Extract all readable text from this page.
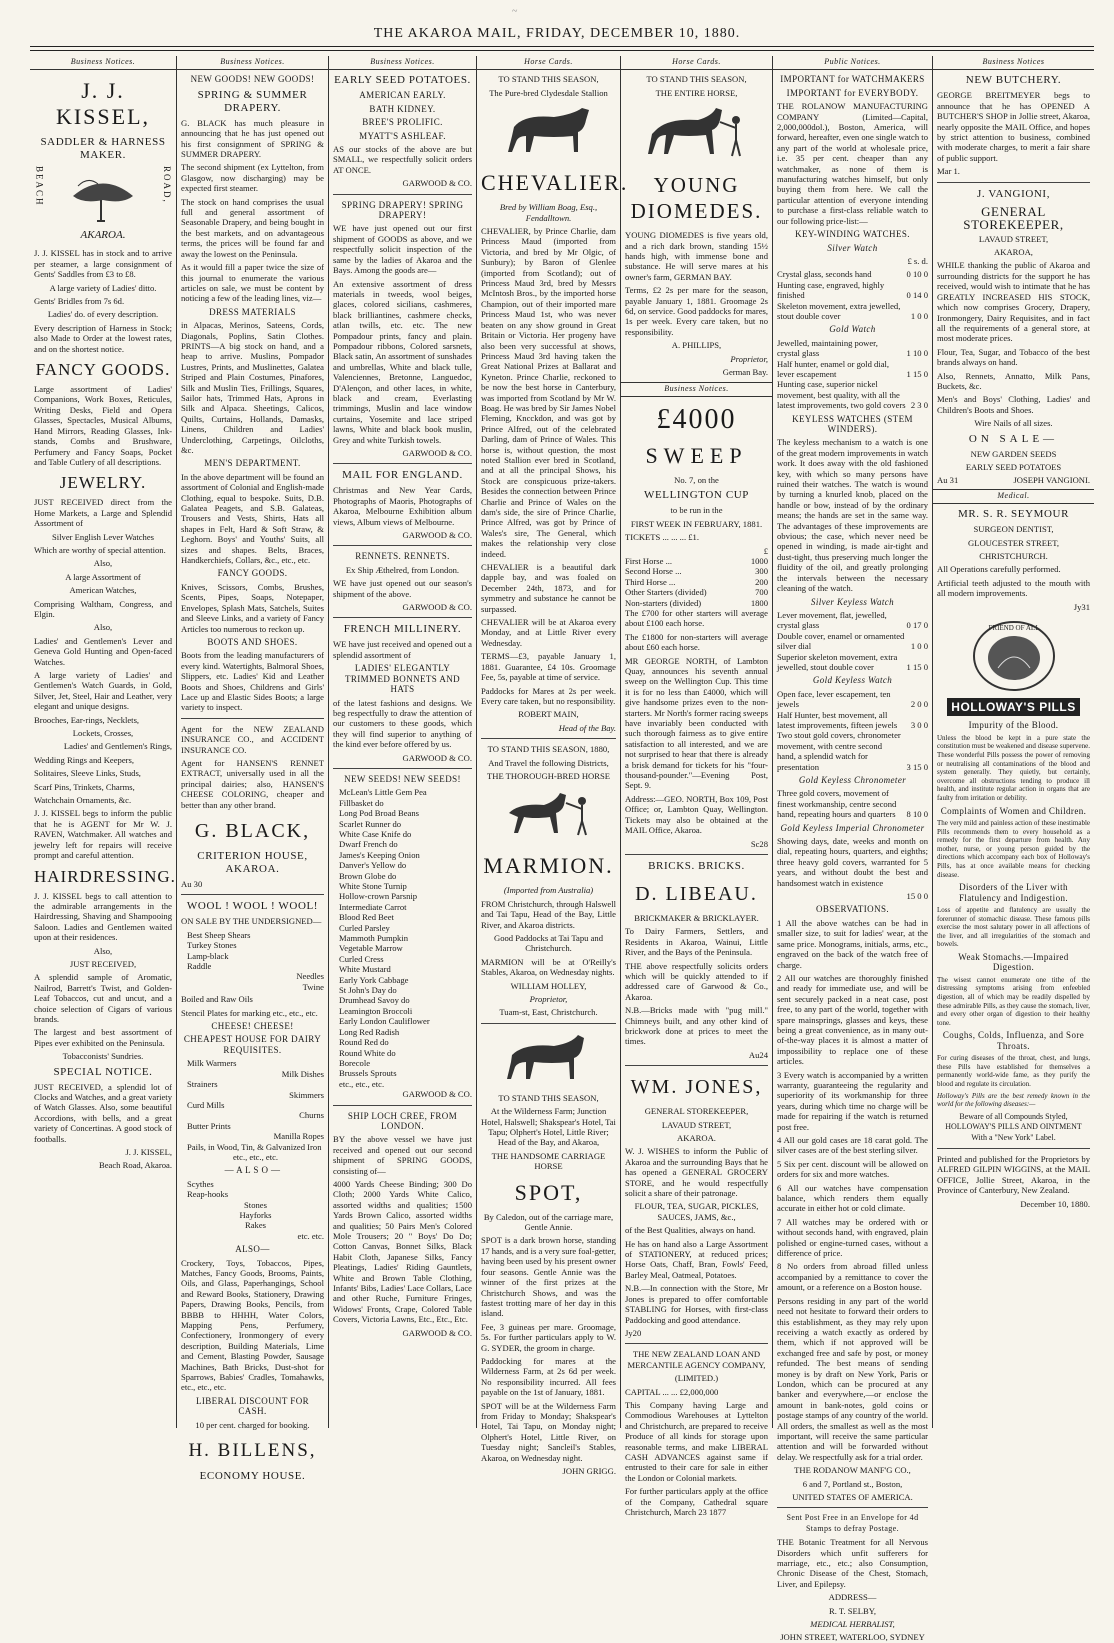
~
THE AKAROA MAIL, FRIDAY, DECEMBER 10, 1880.
Business Notices.
J. J. KISSEL,
SADDLER & HARNESS MAKER.
BEACH	ROAD,
AKAROA.

J. J. KISSEL has in stock and to arrive per steamer, a large consignment of Gents' Saddles from £3 to £8.

A large variety of Ladies' ditto.

Gents' Bridles from 7s 6d.

Ladies' do. of every description.

Every description of Harness in Stock; also Made to Order at the lowest rates, and on the shortest notice.

FANCY GOODS.

Large assortment of Ladies' Companions, Work Boxes, Reticules, Writing Desks, Field and Opera Glasses, Spectacles, Musical Albums, Hand Mirrors, Reading Glasses, Ink-stands, Combs and Brushware, Perfumery and Fancy Soaps, Pocket and Table Cutlery of all descriptions.

JEWELRY.

JUST RECEIVED direct from the Home Markets, a Large and Splendid Assortment of

Silver English Lever Watches

Which are worthy of special attention.

Also,

A large Assortment of

American Watches,

Comprising Waltham, Congress, and Elgin.

Also,

Ladies' and Gentlemen's Lever and Geneva Gold Hunting and Open-faced Watches.

A large variety of Ladies' and Gentlemen's Watch Guards, in Gold, Silver, Jet, Steel, Hair and Leather, very elegant and unique designs.

Brooches, Ear-rings, Necklets,

Lockets, Crosses,

Ladies' and Gentlemen's Rings,

Wedding Rings and Keepers,

Solitaires, Sleeve Links, Studs,

Scarf Pins, Trinkets, Charms,

Watchchain Ornaments, &c.

J. J. KISSEL begs to inform the public that he is AGENT for Mr W. J. RAVEN, Watchmaker. All watches and jewelry left for repairs will receive prompt and careful attention.

HAIRDRESSING.

J. J. KISSEL begs to call attention to the admirable arrangements in the Hairdressing, Shaving and Shampooing Saloon. Ladies and Gentlemen waited upon at their residences.

Also,

JUST RECEIVED,

A splendid sample of Aromatic, Nailrod, Barrett's Twist, and Golden-Leaf Tobaccos, cut and uncut, and a choice selection of Cigars of various brands.

The largest and best assortment of Pipes ever exhibited on the Peninsula.

Tobacconists' Sundries.

SPECIAL NOTICE.

JUST RECEIVED, a splendid lot of Clocks and Watches, and a great variety of Watch Glasses. Also, some beautiful Accordions, with bells, and a great variety of Concertinas. A good stock of footballs.

J. J. KISSEL,

Beach Road, Akaroa.

Business Notices.
NEW GOODS! NEW GOODS!
SPRING & SUMMER DRAPERY.

G. BLACK has much pleasure in announcing that he has just opened out his first consignment of SPRING & SUMMER DRAPERY.

The second shipment (ex Lyttelton, from Glasgow, now discharging) may be expected first steamer.

The stock on hand comprises the usual full and general assortment of Seasonable Drapery, and being bought in the best markets, and on advantageous terms, the prices will be found far and away the lowest on the Peninsula.

As it would fill a paper twice the size of this journal to enumerate the various articles on sale, we must be content by noticing a few of the leading lines, viz—

DRESS MATERIALS

in Alpacas, Merinos, Sateens, Cords, Diagonals, Poplins, Satin Clothes. PRINTS—A big stock on hand, and a heap to arrive. Muslins, Pompador Lustres, Prints, and Muslinettes, Galatea Striped and Plain Costumes, Pinafores, Silk and Muslin Ties, Frillings, Squares, Sailor hats, Trimmed Hats, Aprons in Silk and Alpaca. Sheetings, Calicos, Quilts, Curtains, Hollands, Damasks, Linens, Children and Ladies' Underclothing, Carpetings, Oilcloths, &c.

MEN'S DEPARTMENT.

In the above department will be found an assortment of Colonial and English-made Clothing, equal to bespoke. Suits, D.B. Galatea Peagets, and S.B. Galateas, Trousers and Vests, Shirts, Hats all shapes in Felt, Hard & Soft Straw, & Leghorn. Boys' and Youths' Suits, all sizes and shapes. Belts, Braces, Handkerchiefs, Collars, &c., etc., etc.

FANCY GOODS.

Knives, Scissors, Combs, Brushes, Scents, Pipes, Soaps, Notepaper, Envelopes, Splash Mats, Satchels, Suites and Sleeve Links, and a variety of Fancy Articles too numerous to reckon up.

BOOTS AND SHOES.

Boots from the leading manufacturers of every kind. Watertights, Balmoral Shoes, Slippers, etc. Ladies' Kid and Leather Boots and Shoes, Childrens and Girls' Lace up and Elastic Sides Boots; a large variety to inspect.

Agent for the NEW ZEALAND INSURANCE CO., and ACCIDENT INSURANCE CO.

Agent for HANSEN'S RENNET EXTRACT, universally used in all the principal dairies; also, HANSEN'S CHEESE COLORING, cheaper and better than any other brand.

G. BLACK,
CRITERION HOUSE, AKAROA.

Au 30

WOOL ! WOOL ! WOOL!

ON SALE BY THE UNDERSIGNED—

Best Sheep Shears
Turkey Stones
Lamp-black
Raddle
Needles
Twine

Boiled and Raw Oils

Stencil Plates for marking etc., etc., etc.

CHEESE! CHEESE!
CHEAPEST HOUSE FOR DAIRY REQUISITES.
Milk Warmers
Milk Dishes
Strainers
Skimmers
Curd Mills
Churns
Butter Prints
Manilla Ropes
Pails, in Wood, Tin, & Galvanized Iron
etc., etc., etc.
— A L S O —
Scythes
Reap-hooks
Stones
Hayforks
Rakes
etc. etc.
ALSO—

Crockery, Toys, Tobaccos, Pipes, Matches, Fancy Goods, Brooms, Paints, Oils, and Glass, Paperhangings, School and Reward Books, Stationery, Drawing Papers, Drawing Books, Pencils, from BBBB to HHHH, Water Colors, Mapping Pens, Perfumery, Confectionery, Ironmongery of every description, Building Materials, Lime and Cement, Blasting Powder, Sausage Machines, Bath Bricks, Dust-shot for Sparrows, Babies' Cradles, Tomahawks, etc., etc., etc.

LIBERAL DISCOUNT FOR CASH.

10 per cent. charged for booking.

H. BILLENS,
ECONOMY HOUSE.
Business Notices.
EARLY SEED POTATOES.
AMERICAN EARLY.
BATH KIDNEY.
BREE'S PROLIFIC.
MYATT'S ASHLEAF.

AS our stocks of the above are but SMALL, we respectfully solicit orders AT ONCE.

GARWOOD & CO.

SPRING DRAPERY! SPRING DRAPERY!

WE have just opened out our first shipment of GOODS as above, and we respectfully solicit inspection of the same by the ladies of Akaroa and the Bays. Among the goods are—

An extensive assortment of dress materials in tweeds, wool beiges, glaces, colored sicilians, cashmeres, black brilliantines, cashmere checks, atlan twills, etc. etc. The new Pompadour prints, fancy and plain. Pompadour ribbons, Colored sarsnets, Black satin, An assortment of sunshades and umbrellas, White and black tulle, Valenciennes, Bretonne, Languedoc, D'Alençon, and other laces, in white, black and cream, Everlasting trimmings, Muslin and lace window curtains, Yosemite and lace striped lawns, White and black book muslin, Grey and white Turkish towels.

GARWOOD & CO.

MAIL FOR ENGLAND.

Christmas and New Year Cards, Photographs of Maoris, Photographs of Akaroa, Melbourne Exhibition album views, Album views of Melbourne.

GARWOOD & CO.

RENNETS. RENNETS.

Ex Ship Æthelred, from London.

WE have just opened out our season's shipment of the above.

GARWOOD & CO.

FRENCH MILLINERY.

WE have just received and opened out a splendid assortment of

LADIES' ELEGANTLY TRIMMED BONNETS AND HATS

of the latest fashions and designs. We beg respectfully to draw the attention of our customers to these goods, which they will find superior to anything of the kind ever before offered by us.

GARWOOD & CO.

NEW SEEDS! NEW SEEDS!
McLean's Little Gem Pea
Fillbasket do
Long Pod Broad Beans
Scarlet Runner do
White Case Knife do
Dwarf French do
James's Keeping Onion
Danver's Yellow do
Brown Globe do
White Stone Turnip
Hollow-crown Parsnip
Intermediate Carrot
Blood Red Beet
Curled Parsley
Mammoth Pumpkin
Vegetable Marrow
Curled Cress
White Mustard
Early York Cabbage
St John's Day do
Drumhead Savoy do
Leamington Broccoli
Early London Cauliflower
Long Red Radish
Round Red do
Round White do
Borecole
Brussels Sprouts
etc., etc., etc.

GARWOOD & CO.

SHIP LOCH CREE, FROM LONDON.

BY the above vessel we have just received and opened out our second shipment of SPRING GOODS, consisting of—

4000 Yards Cheese Binding; 300 Do Cloth; 2000 Yards White Calico, assorted widths and qualities; 1500 Yards Brown Calico, assorted widths and qualities; 50 Pairs Men's Colored Mole Trousers; 20 " Boys' Do Do; Cotton Canvas, Bonnet Silks, Black Habit Cloth, Japanese Silks, Fancy Pleatings, Ladies' Riding Gauntlets, White and Brown Table Clothing, Infants' Bibs, Ladies' Lace Collars, Lace and other Ruche, Furniture Fringes, Widows' Fronts, Crape, Colored Table Covers, Victoria Lawns, Etc., Etc., Etc.

GARWOOD & CO.

Horse Cards.

TO STAND THIS SEASON,

The Pure-bred Clydesdale Stallion

CHEVALIER.

Bred by William Boag, Esq., Fendalltown.

CHEVALIER, by Prince Charlie, dam Princess Maud (imported from Victoria, and bred by Mr Olgic, of Sunbury); by Baron of Glenlee (imported from Scotland); out of Princess Maud 3rd, bred by Messrs McIntosh Bros., by the imported horse Champion, out of their imported mare Princess Maud 1st, who was never beaten on any show ground in Great Britain or Victoria. Her progeny have also been very successful at shows, Princess Maud 3rd having taken the Great National Prizes at Ballarat and Kyneton. Prince Charlie, reckoned to be now the best horse in Canterbury, was imported from Scotland by Mr W. Boag. He was bred by Sir James Nobel Fleming, Kncckdon, and was got by Prince Alfred, out of the celebrated Darling, dam of Prince of Wales. This horse is, without question, the most noted Stallion ever bred in Scotland, and at all the principal Shows, his Stock are conspicuous prize-takers. Besides the connection between Prince Charlie and Prince of Wales on the dam's side, the sire of Prince Charlie, Prince Alfred, was got by Prince of Wales's sire, The General, which makes the relationship very close indeed.

CHEVALIER is a beautiful dark dapple bay, and was foaled on December 24th, 1873, and for symmetry and substance he cannot be surpassed.

CHEVALIER will be at Akaroa every Monday, and at Little River every Wednesday.

TERMS—£3, payable January 1, 1881. Guarantee, £4 10s. Groomage Fee, 5s, payable at time of service.

Paddocks for Mares at 2s per week. Every care taken, but no responsibility.

ROBERT MAIN,

Head of the Bay.

TO STAND THIS SEASON, 1880,

And Travel the following Districts,

THE THOROUGH-BRED HORSE

MARMION.

(Imported from Australia)

FROM Christchurch, through Halswell and Tai Tapu, Head of the Bay, Little River, and Akaroa districts.

Good Paddocks at Tai Tapu and Christchurch.

MARMION will be at O'Reilly's Stables, Akaroa, on Wednesday nights.

WILLIAM HOLLEY,

Proprietor,

Tuam-st, East, Christchurch.

TO STAND THIS SEASON,

At the Wilderness Farm; Junction Hotel, Halswell; Shakspear's Hotel, Tai Tapu; Olphert's Hotel, Little River; Head of the Bay, and Akaroa,

THE HANDSOME CARRIAGE HORSE

SPOT,

By Caledon, out of the carriage mare, Gentle Annie.

SPOT is a dark brown horse, standing 17 hands, and is a very sure foal-getter, having been used by his present owner four seasons. Gentle Annie was the winner of the first prizes at the Christchurch Shows, and was the fastest trotting mare of her day in this island.

Fee, 3 guineas per mare. Groomage, 5s. For further particulars apply to W. G. SYDER, the groom in charge.

Paddocking for mares at the Wilderness Farm, at 2s 6d per week. No responsibility incurred. All fees payable on the 1st of January, 1881.

SPOT will be at the Wilderness Farm from Friday to Monday; Shakspear's Hotel, Tai Tapu, on Monday night; Olphert's Hotel, Little River, on Tuesday night; Sancleil's Stables, Akaroa, on Wednesday night.

JOHN GRIGG.

Horse Cards.

TO STAND THIS SEASON,

THE ENTIRE HORSE,

YOUNG DIOMEDES.

YOUNG DIOMEDES is five years old, and a rich dark brown, standing 15½ hands high, with immense bone and substance. He will serve mares at his owner's farm, GERMAN BAY.

Terms, £2 2s per mare for the season, payable January 1, 1881. Groomage 2s 6d, on service. Good paddocks for mares, 1s per week. Every care taken, but no responsibility.

A. PHILLIPS,

Proprietor,

German Bay.

Business Notices.
£4000
SWEEP

No. 7, on the

WELLINGTON CUP

to be run in the

FIRST WEEK IN FEBRUARY, 1881.

TICKETS ... ... ... £1.

	£
First Horse ...	1000
Second Horse ...	300
Third Horse ...	200
Other Starters (divided)	700
Non-starters (divided)	1800

The £700 for other starters will average about £100 each horse.

The £1800 for non-starters will average about £60 each horse.

MR GEORGE NORTH, of Lambton Quay, announces his seventh annual sweep on the Wellington Cup. This time it is for no less than £4000, which will give handsome prizes even to the non-starters. Mr North's former racing sweeps have invariably been conducted with such thorough fairness as to give entire satisfaction to all interested, and we are not surprised to hear that there is already a brisk demand for tickets for his "four-thousand-pounder."—Evening Post, Sept. 9.

Address:—GEO. NORTH, Box 109, Post Office; or, Lambton Quay, Wellington. Tickets may also be obtained at the MAIL Office, Akaroa.

Sc28

BRICKS. BRICKS.
D. LIBEAU.

BRICKMAKER & BRICKLAYER.

To Dairy Farmers, Settlers, and Residents in Akaroa, Wainui, Little River, and the Bays of the Peninsula.

THE above respectfully solicits orders which will be quickly attended to if addressed care of Garwood & Co., Akaroa.

N.B.—Bricks made with "pug mill." Chimneys built, and any other kind of brickwork done at prices to meet the times.

Au24

WM. JONES,

GENERAL STOREKEEPER,

LAVAUD STREET,

AKAROA.

W. J. WISHES to inform the Public of Akaroa and the surrounding Bays that he has opened a GENERAL GROCERY STORE, and he would respectfully solicit a share of their patronage.

FLOUR, TEA, SUGAR, PICKLES, SAUCES, JAMS, &c.,

of the Best Qualities, always on hand.

He has on hand also a Large Assortment of STATIONERY, at reduced prices; Horse Oats, Chaff, Bran, Fowls' Feed, Barley Meal, Oatmeal, Potatoes.

N.B.—In connection with the Store, Mr Jones is prepared to offer comfortable STABLING for Horses, with first-class Paddocking and good attendance.

Jy20

THE NEW ZEALAND LOAN AND MERCANTILE AGENCY COMPANY,

(LIMITED.)

CAPITAL ... ... £2,000,000

This Company having Large and Commodious Warehouses at Lyttelton and Christchurch, are prepared to receive Produce of all kinds for storage upon reasonable terms, and make LIBERAL CASH ADVANCES against same if entrusted to their care for sale in either the London or Colonial markets.

For further particulars apply at the office of the Company, Cathedral square Christchurch, March 23 1877

Public Notices.
IMPORTANT for WATCHMAKERS
IMPORTANT for EVERYBODY.

THE ROLANOW MANUFACTURING COMPANY (Limited—Capital, 2,000,000dol.), Boston, America, will forward, hereafter, even one single watch to any part of the world at wholesale price, i.e. 35 per cent. cheaper than any watchmaker, as none of them is manufacturing watches himself, but only buying them from here. We call the particular attention of everyone intending to purchase a first-class reliable watch to our following price-list:—

KEY-WINDING WATCHES.
Silver Watch

£ s. d.

Crystal glass, seconds hand	0 10 0
Hunting case, engraved, highly finished	0 14 0
Skeleton movement, extra jewelled, stout double cover	1 0 0
Gold Watch
Jewelled, maintaining power, crystal glass	1 10 0
Half hunter, enamel or gold dial, lever escapement	1 15 0
Hunting case, superior nickel movement, best quality, with all the latest improvements, two gold covers 2 3 0
KEYLESS WATCHES (STEM WINDERS).

The keyless mechanism to a watch is one of the great modern improvements in watch work. It does away with the old fashioned key, with which so many persons have ruined their watches. The watch is wound by turning a knurled knob, placed on the handle or bow, instead of by the ordinary means; the hands are set in the same way. The advantages of these improvements are obvious; the case, which never need be opened in winding, is made air-tight and dust-tight, thus preserving much longer the fluidity of the oil, and greatly prolonging the intervals between the necessary cleaning of the watch.

Silver Keyless Watch
Lever movement, flat, jewelled, crystal glass	0 17 0
Double cover, enamel or ornamented silver dial	1 0 0
Superior skeleton movement, extra jewelled, stout double cover	1 15 0
Gold Keyless Watch
Open face, lever escapement, ten jewels	2 0 0
Half Hunter, best movement, all latest improvements, fifteen jewels	3 0 0
Two stout gold covers, chronometer movement, with centre second hand, a splendid watch for presentation	3 15 0
Gold Keyless Chronometer
Three gold covers, movement of finest workmanship, centre second hand, repeating hours and quarters	8 10 0
Gold Keyless Imperial Chronometer

Showing days, date, weeks and month on dial, repeating hours, quarters, and eighths; three heavy gold covers, warranted for 5 years, and without doubt the best and handsomest watch in existence

15 0 0

OBSERVATIONS.

1 All the above watches can be had in smaller size, to suit for ladies' wear, at the same price. Monograms, initials, arms, etc., engraved on the back of the watch free of charge.

2 All our watches are thoroughly finished and ready for immediate use, and will be sent securely packed in a neat case, post free, to any part of the world, together with spare mainsprings, glasses and keys, these being a great convenience, as in many out-of-the-way places it is almost a matter of impossibility to replace one of these articles.

3 Every watch is accompanied by a written warranty, guaranteeing the regularity and superiority of its workmanship for three years, during which time no charge will be made for repairing if the watch is returned post free.

4 All our gold cases are 18 carat gold. The silver cases are of the best sterling silver.

5 Six per cent. discount will be allowed on orders for six and more watches.

6 All our watches have compensation balance, which renders them equally accurate in either hot or cold climate.

7 All watches may be ordered with or without seconds hand, with engraved, plain polished or engine-turned cases, without a difference of price.

8 No orders from abroad filled unless accompanied by a remittance to cover the amount, or a reference on a Boston house.

Persons residing in any part of the world need not hesitate to forward their orders to this establishment, as they may rely upon receiving a watch exactly as ordered by them, which if not approved will be exchanged free and safe by post, or money refunded. The best means of sending money is by draft on New York, Paris or London, which can be procured at any banker and everywhere,—or enclose the amount in bank-notes, gold coins or postage stamps of any country of the world. All orders, the smallest as well as the most important, will receive the same particular attention and will be forwarded without delay. We respectfully ask for a trial order.

THE RODANOW MANF'G CO.,

6 and 7, Portland st., Boston,

UNITED STATES OF AMERICA.

Sent Post Free in an Envelope for 4d Stamps to defray Postage.

THE Botanic Treatment for all Nervous Disorders which unfit sufferers for marriage, etc., etc.; also Consumption, Chronic Disease of the Chest, Stomach, Liver, and Epilepsy.

ADDRESS—

R. T. SELBY,

MEDICAL HERBALIST,

JOHN STREET, WATERLOO, SYDNEY

Business Notices
NEW BUTCHERY.

GEORGE BREITMEYER begs to announce that he has OPENED A BUTCHER'S SHOP in Jollie street, Akaroa, nearly opposite the MAIL Office, and hopes by strict attention to business, combined with moderate charges, to merit a fair share of public support.

Mar 1.

J. VANGIONI,
GENERAL STOREKEEPER,

LAVAUD STREET,

AKAROA,

WHILE thanking the public of Akaroa and surrounding districts for the support he has received, would wish to intimate that he has GREATLY INCREASED HIS STOCK, which now comprises Grocery, Drapery, Ironmongery, Dairy Requisites, and in fact all the requirements of a general store, at most moderate prices.

Flour, Tea, Sugar, and Tobacco of the best brands always on hand.

Also, Rennets, Annatto, Milk Pans, Buckets, &c.

Men's and Boys' Clothing, Ladies' and Children's Boots and Shoes.

Wire Nails of all sizes.

ON SALE—

NEW GARDEN SEEDS

EARLY SEED POTATOES

Au 31	JOSEPH VANGIONI.

Medical.
MR. S. R. SEYMOUR

SURGEON DENTIST,

GLOUCESTER STREET,

CHRISTCHURCH.

All Operations carefully performed.

Artificial teeth adjusted to the mouth with all modern improvements.

Jy31

FRIEND OF ALL
HOLLOWAY'S PILLS
Impurity of the Blood.

Unless the blood be kept in a pure state the constitution must be weakened and disease supervene. These wonderful Pills possess the power of removing or neutralising all contaminations of the blood and system generally. They quietly, but certainly, overcome all obstructions tending to produce ill health, and institute regular action in organs that are faulty from irritation or debility.

Complaints of Women and Children.

The very mild and painless action of these inestimable Pills recommends them to every household as a remedy for the first departure from health. Any mother, nurse, or young person guided by the directions which accompany each box of Holloway's Pills, has at once available means for checking disease.

Disorders of the Liver with Flatulency and Indigestion.

Loss of appetite and flatulency are usually the forerunner of stomachic disease. These famous pills exercise the most salutary power in all affections of the liver, and all irregularities of the stomach and bowels.

Weak Stomachs.—Impaired Digestion.

The wisest cannot enumerate one tithe of the distressing symptoms arising from enfeebled digestion, all of which may be readily dispelled by these admirable Pills, as they cause the stomach, liver, and every other organ of digestion to their healthy tone.

Coughs, Colds, Influenza, and Sore Throats.

For curing diseases of the throat, chest, and lungs, these Pills have established for themselves a permanently world-wide fame, as they purify the blood and regulate its circulation.

Holloway's Pills are the best remedy known in the world for the following diseases:—

Beware of all Compounds Styled, HOLLOWAY'S PILLS AND OINTMENT With a "New York" Label.

Printed and published for the Proprietors by ALFRED GILPIN WIGGINS, at the MAIL OFFICE, Jollie Street, Akaroa, in the Province of Canterbury, New Zealand.

December 10, 1880.
